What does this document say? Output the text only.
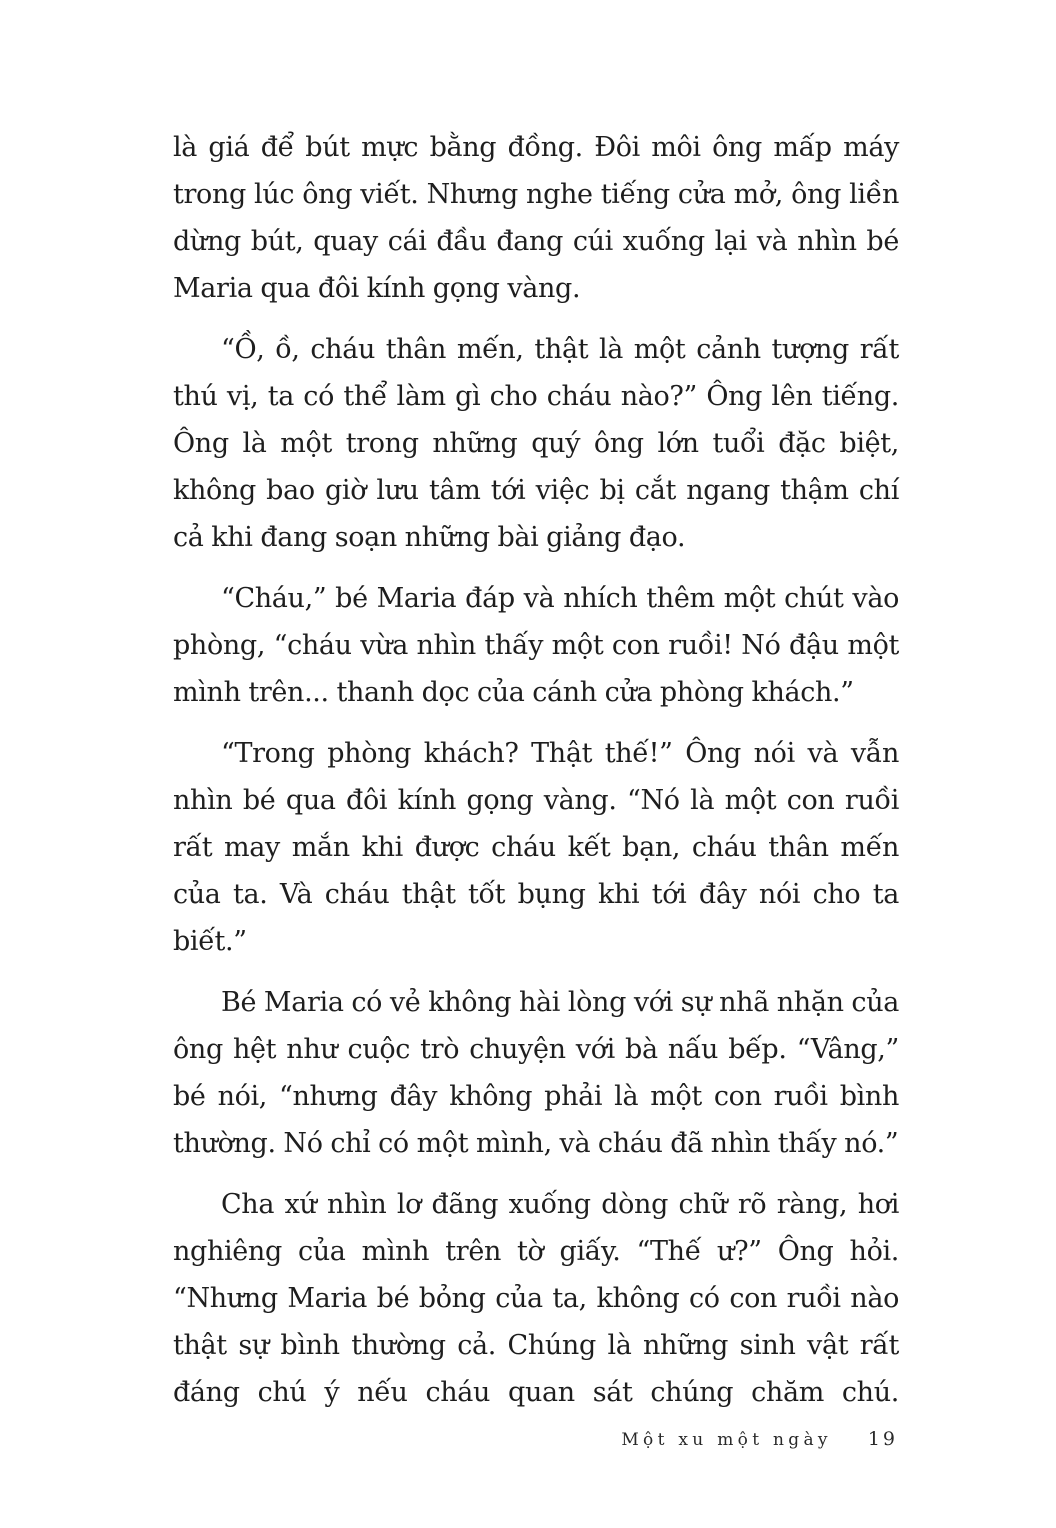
là giá để bút mực bằng đồng. Đôi môi ông mấp máy trong lúc ông viết. Nhưng nghe tiếng cửa mở, ông liền dừng bút, quay cái đầu đang cúi xuống lại và nhìn bé Maria qua đôi kính gọng vàng.

“Ồ, ồ, cháu thân mến, thật là một cảnh tượng rất thú vị, ta có thể làm gì cho cháu nào?” Ông lên tiếng. Ông là một trong những quý ông lớn tuổi đặc biệt, không bao giờ lưu tâm tới việc bị cắt ngang thậm chí cả khi đang soạn những bài giảng đạo.

“Cháu,” bé Maria đáp và nhích thêm một chút vào phòng, “cháu vừa nhìn thấy một con ruồi! Nó đậu một mình trên... thanh dọc của cánh cửa phòng khách.”

“Trong phòng khách? Thật thế!” Ông nói và vẫn nhìn bé qua đôi kính gọng vàng. “Nó là một con ruồi rất may mắn khi được cháu kết bạn, cháu thân mến của ta. Và cháu thật tốt bụng khi tới đây nói cho ta biết.”

Bé Maria có vẻ không hài lòng với sự nhã nhặn của ông hệt như cuộc trò chuyện với bà nấu bếp. “Vâng,” bé nói, “nhưng đây không phải là một con ruồi bình thường. Nó chỉ có một mình, và cháu đã nhìn thấy nó.”

Cha xứ nhìn lơ đãng xuống dòng chữ rõ ràng, hơi nghiêng của mình trên tờ giấy. “Thế ư?” Ông hỏi. “Nhưng Maria bé bỏng của ta, không có con ruồi nào thật sự bình thường cả. Chúng là những sinh vật rất đáng chú ý nếu cháu quan sát chúng chăm chú.

Một xu một ngày 19
